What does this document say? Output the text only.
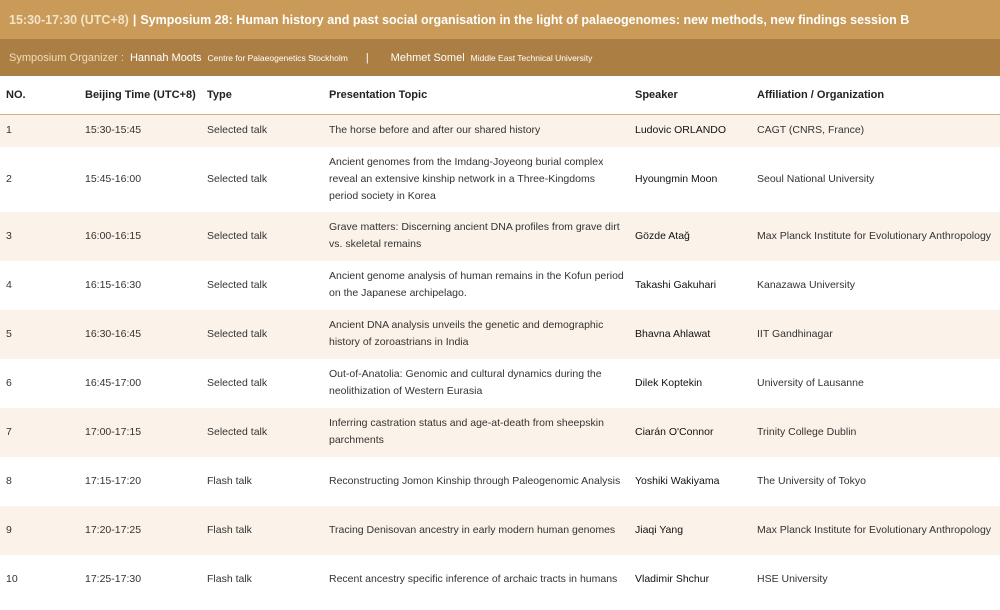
15:30-17:30 (UTC+8) | Symposium 28: Human history and past social organisation in the light of palaeogenomes: new methods, new findings session B
Symposium Organizer : Hannah Moots Centre for Palaeogenetics Stockholm | Mehmet Somel Middle East Technical University
NO.	Beijing Time (UTC+8)	Type	Presentation Topic	Speaker	Affiliation / Organization
1	15:30-15:45	Selected talk	The horse before and after our shared history	Ludovic ORLANDO	CAGT (CNRS, France)
2	15:45-16:00	Selected talk	Ancient genomes from the Imdang-Joyeong burial complex reveal an extensive kinship network in a Three-Kingdoms period society in Korea	Hyoungmin Moon	Seoul National University
3	16:00-16:15	Selected talk	Grave matters: Discerning ancient DNA profiles from grave dirt vs. skeletal remains	Gözde Atağ	Max Planck Institute for Evolutionary Anthropology
4	16:15-16:30	Selected talk	Ancient genome analysis of human remains in the Kofun period on the Japanese archipelago.	Takashi Gakuhari	Kanazawa University
5	16:30-16:45	Selected talk	Ancient DNA analysis unveils the genetic and demographic history of zoroastrians in India	Bhavna Ahlawat	IIT Gandhinagar
6	16:45-17:00	Selected talk	Out-of-Anatolia: Genomic and cultural dynamics during the neolithization of Western Eurasia	Dilek Koptekin	University of Lausanne
7	17:00-17:15	Selected talk	Inferring castration status and age-at-death from sheepskin parchments	Ciarán O'Connor	Trinity College Dublin
8	17:15-17:20	Flash talk	Reconstructing Jomon Kinship through Paleogenomic Analysis	Yoshiki Wakiyama	The University of Tokyo
9	17:20-17:25	Flash talk	Tracing Denisovan ancestry in early modern human genomes	Jiaqi Yang	Max Planck Institute for Evolutionary Anthropology
10	17:25-17:30	Flash talk	Recent ancestry specific inference of archaic tracts in humans	Vladimir Shchur	HSE University
